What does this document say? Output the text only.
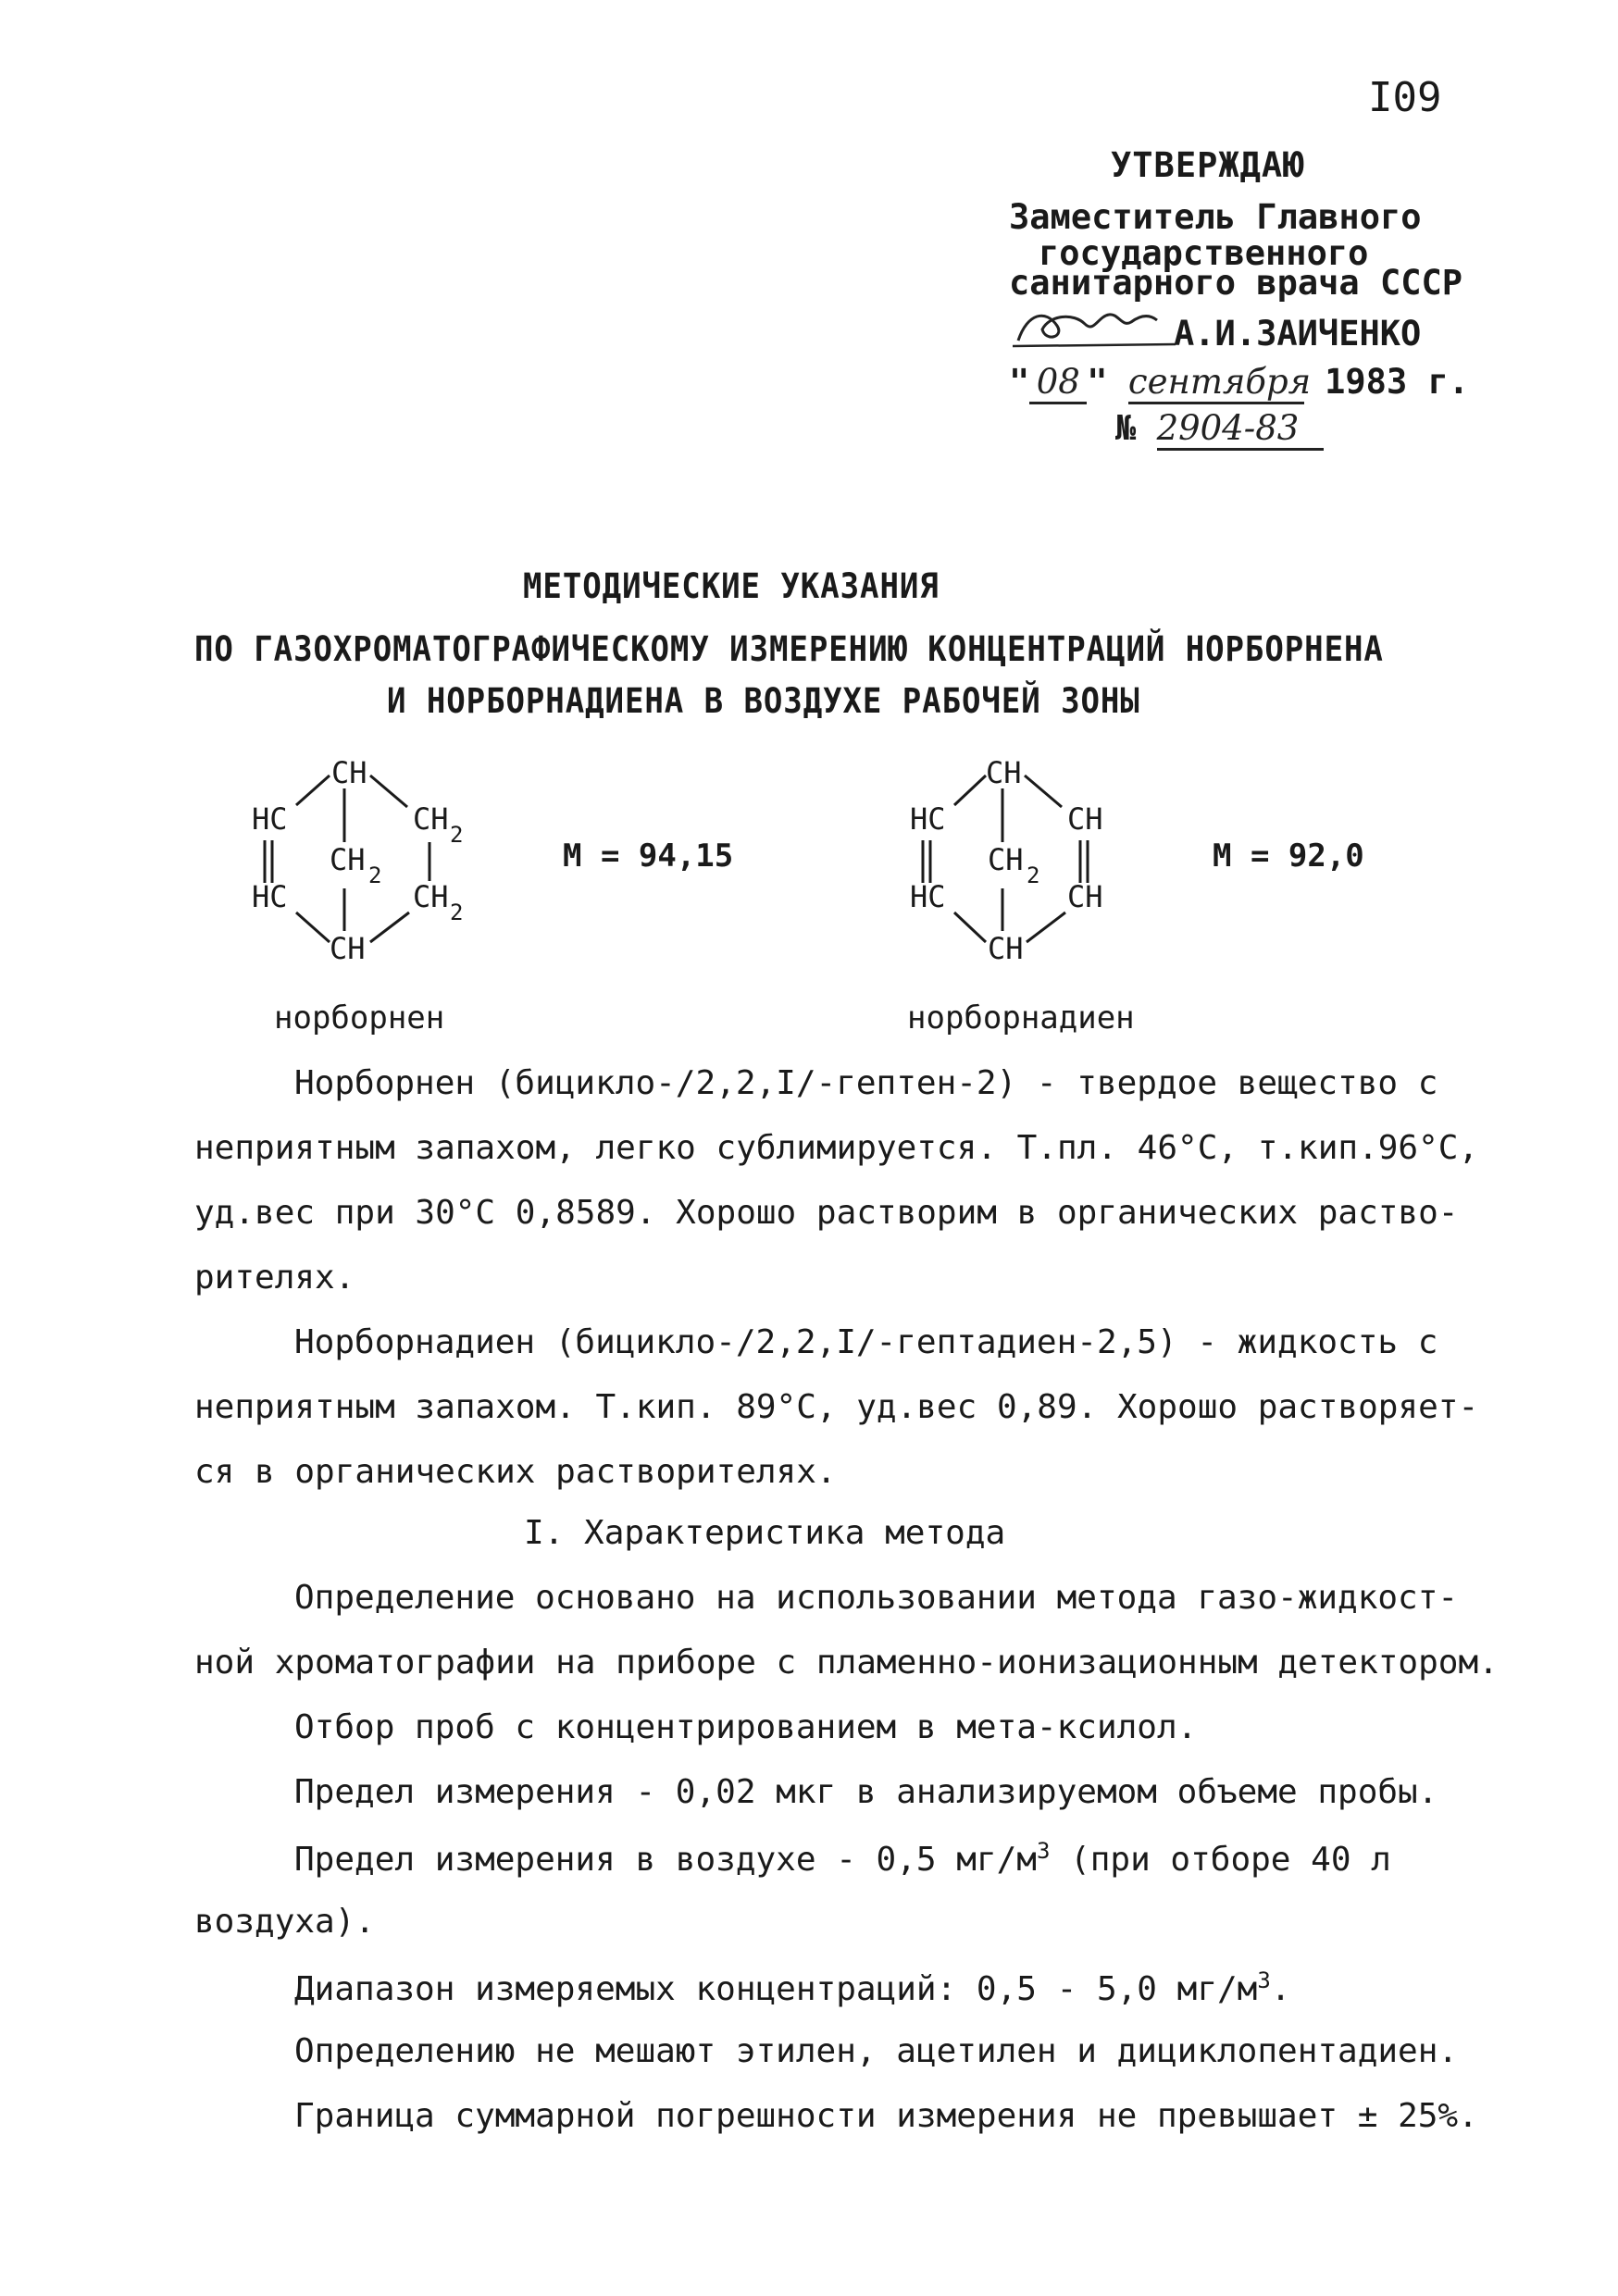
I09
УТВЕРЖДАЮ
Заместитель Главного
государственного
санитарного врача СССР
А.И.ЗАИЧЕНКО
" 08 " сентября 1983 г.
№ 2904-83
МЕТОДИЧЕСКИЕ УКАЗАНИЯ
ПО ГАЗОХРОМАТОГРАФИЧЕСКОМУ ИЗМЕРЕНИЮ КОНЦЕНТРАЦИЙ НОРБОРНЕНА
И НОРБОРНАДИЕНА В ВОЗДУХЕ РАБОЧЕЙ ЗОНЫ
CH
HC	CH 2
CH 2
HC	CH 2
CH
М = 94,15
норборнен
CH
HC	CH
CH 2
HC	CH
CH
М = 92,0
норборнадиен
Норборнен (бицикло-/2,2,I/-гептен-2) - твердое вещество с
неприятным запахом, легко сублимируется. Т.пл. 46°С, т.кип.96°С,
уд.вес при 30°С 0,8589. Хорошо растворим в органических раство-
рителях.
Норборнадиен (бицикло-/2,2,I/-гептадиен-2,5) - жидкость с
неприятным запахом. Т.кип. 89°С, уд.вес 0,89. Хорошо растворяет-
ся в органических растворителях.
I. Характеристика метода
Определение основано на использовании метода газо-жидкост-
ной хроматографии на приборе с пламенно-ионизационным детектором.
Отбор проб с концентрированием в мета-ксилол.
Предел измерения - 0,02 мкг в анализируемом объеме пробы.
Предел измерения в воздухе - 0,5 $мг/м^3$ (при отборе 40 л
воздуха).
Диапазон измеряемых концентраций: 0,5 - 5,0 $мг/м^3$.
Определению не мешают этилен, ацетилен и дициклопентадиен.
Граница суммарной погрешности измерения не превышает ± 25%.
